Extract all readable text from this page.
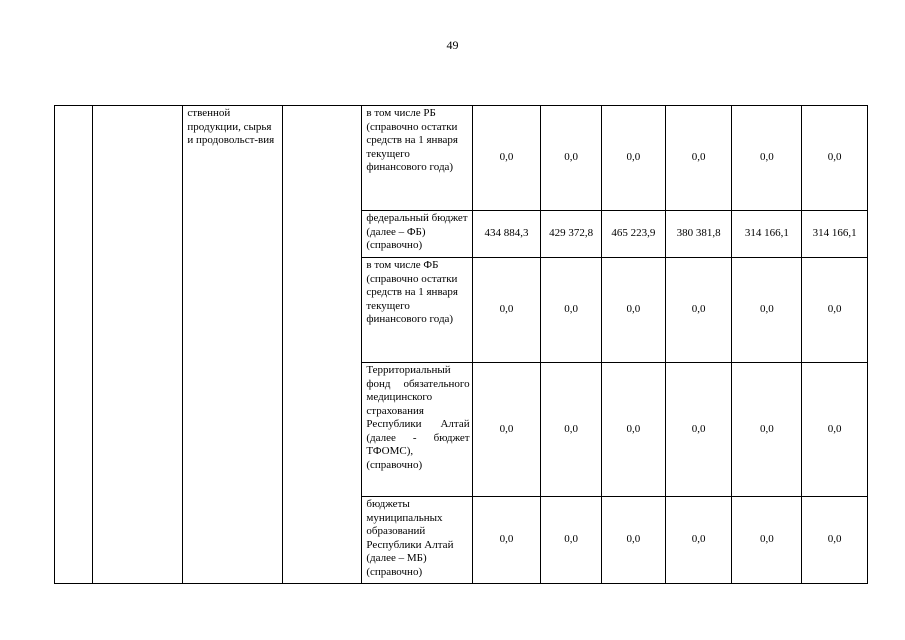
49
		ственной продукции, сырья и продовольст-вия		в том числе РБ (справочно остатки средств на 1 января текущего финансового года)	0,0	0,0	0,0	0,0	0,0	0,0
				федеральный бюджет (далее – ФБ) (справочно)	434 884,3	429 372,8	465 223,9	380 381,8	314 166,1	314 166,1
				в том числе ФБ (справочно остатки средств на 1 января текущего финансового года)	0,0	0,0	0,0	0,0	0,0	0,0
				Территориальный фонд обязательного медицинского страхования Республики Алтай (далее - бюджет ТФОМС), (справочно)	0,0	0,0	0,0	0,0	0,0	0,0
				бюджеты муниципальных образований Республики Алтай (далее – МБ) (справочно)	0,0	0,0	0,0	0,0	0,0	0,0
